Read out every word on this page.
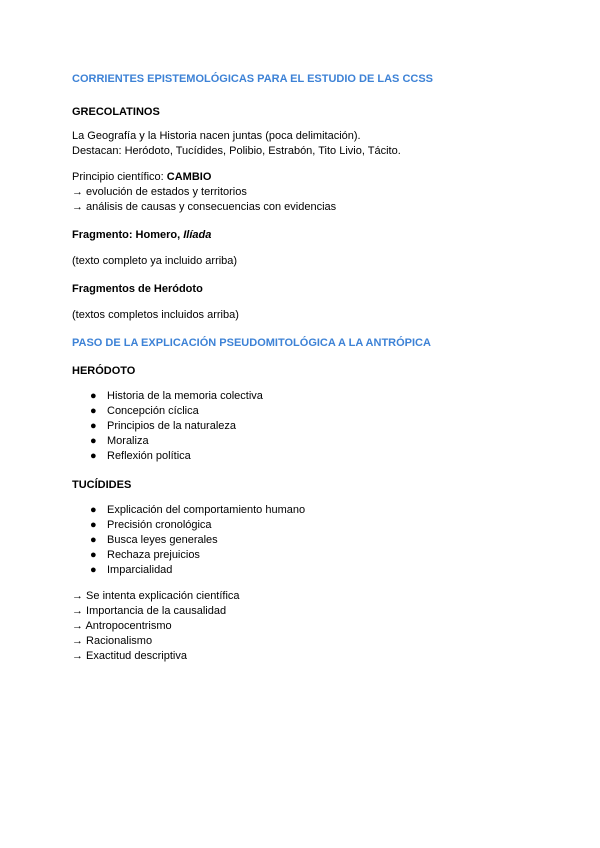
CORRIENTES EPISTEMOLÓGICAS PARA EL ESTUDIO DE LAS CCSS

GRECOLATINOS

La Geografía y la Historia nacen juntas (poca delimitación).
Destacan: Heródoto, Tucídides, Polibio, Estrabón, Tito Livio, Tácito.

Principio científico: CAMBIO
→ evolución de estados y territorios
→ análisis de causas y consecuencias con evidencias

Fragmento: Homero, Ilíada

(texto completo ya incluido arriba)

Fragmentos de Heródoto

(textos completos incluidos arriba)

PASO DE LA EXPLICACIÓN PSEUDOMITOLÓGICA A LA ANTRÓPICA

HERÓDOTO

● Historia de la memoria colectiva
● Concepción cíclica
● Principios de la naturaleza
● Moraliza
● Reflexión política

TUCÍDIDES

● Explicación del comportamiento humano
● Precisión cronológica
● Busca leyes generales
● Rechaza prejuicios
● Imparcialidad

→ Se intenta explicación científica
→ Importancia de la causalidad
→ Antropocentrismo
→ Racionalismo
→ Exactitud descriptiva
